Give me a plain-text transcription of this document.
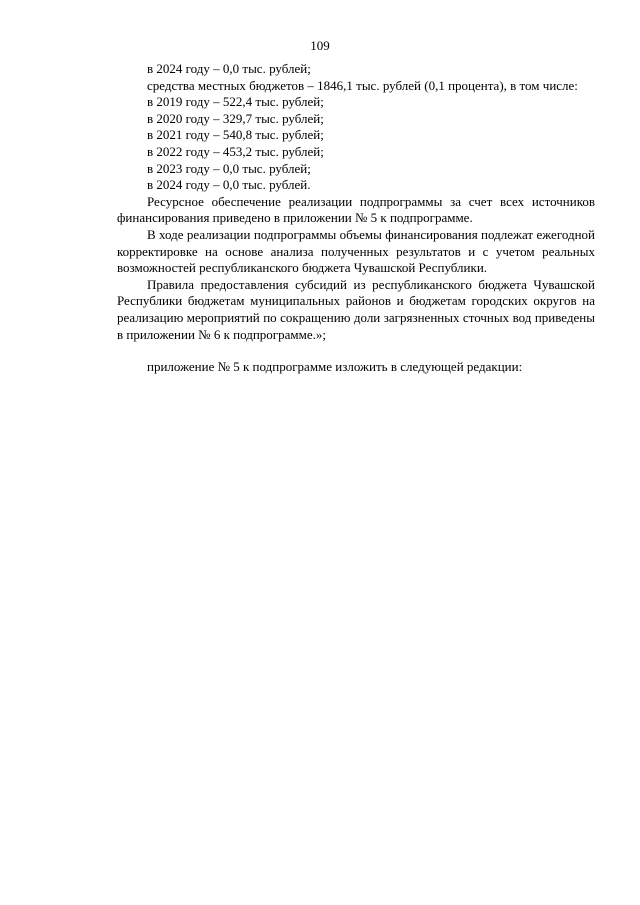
109

в 2024 году – 0,0 тыс. рублей;

средства местных бюджетов – 1846,1 тыс. рублей (0,1 процента), в том числе:

в 2019 году – 522,4 тыс. рублей;

в 2020 году – 329,7 тыс. рублей;

в 2021 году – 540,8 тыс. рублей;

в 2022 году – 453,2 тыс. рублей;

в 2023 году – 0,0 тыс. рублей;

в 2024 году – 0,0 тыс. рублей.

Ресурсное обеспечение реализации подпрограммы за счет всех источников финансирования приведено в приложении № 5 к подпрограмме.

В ходе реализации подпрограммы объемы финансирования подлежат ежегодной корректировке на основе анализа полученных результатов и с учетом реальных возможностей республиканского бюджета Чувашской Республики.

Правила предоставления субсидий из республиканского бюджета Чувашской Республики бюджетам муниципальных районов и бюджетам городских округов на реализацию мероприятий по сокращению доли загрязненных сточных вод приведены в приложении № 6 к подпрограмме.»;

приложение № 5 к подпрограмме изложить в следующей редакции:
